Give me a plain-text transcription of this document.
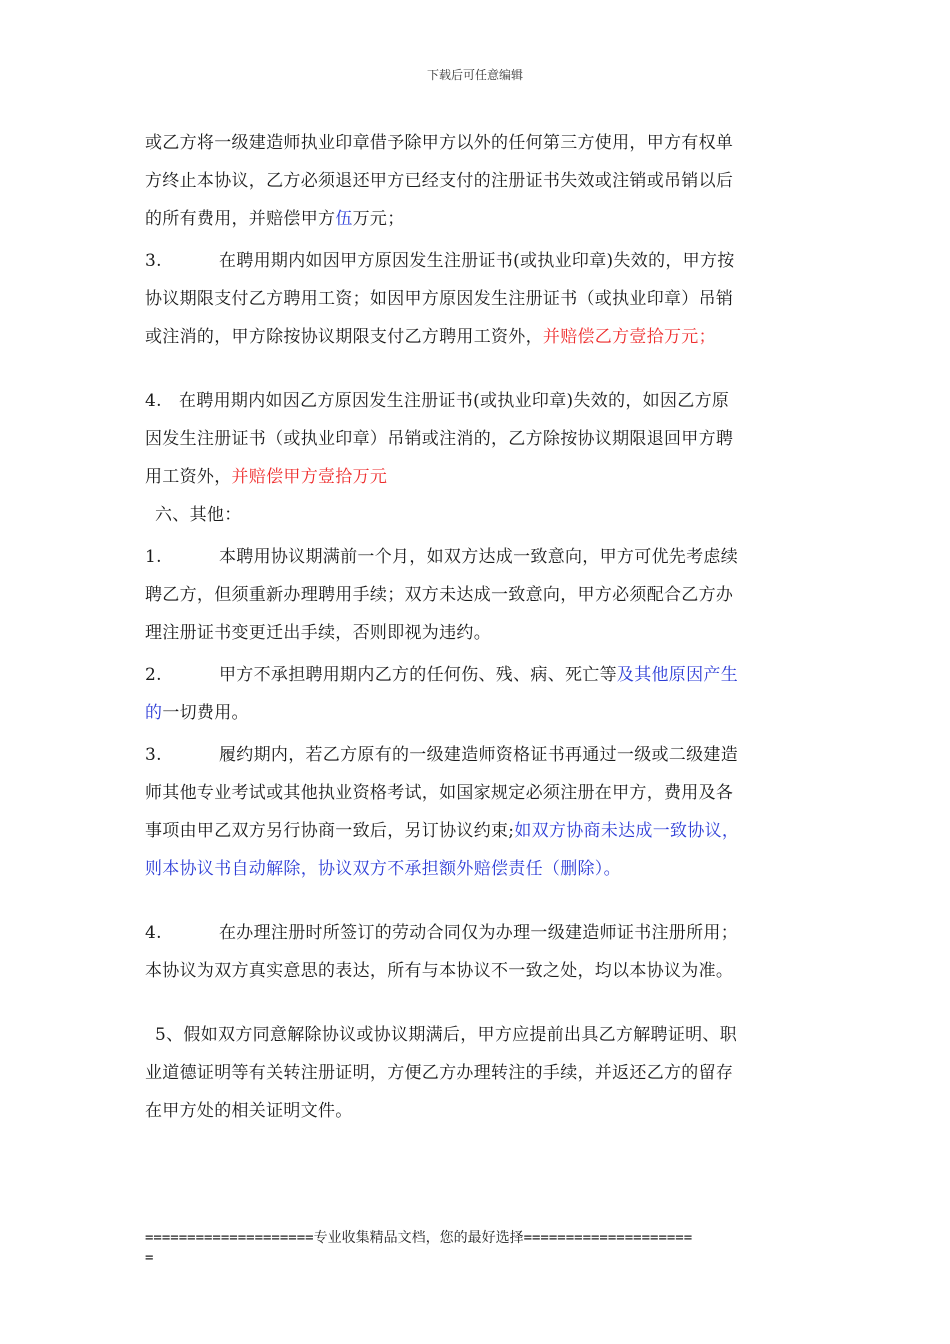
下载后可任意编辑

或乙方将一级建造师执业印章借予除甲方以外的任何第三方使用，甲方有权单

方终止本协议，乙方必须退还甲方已经支付的注册证书失效或注销或吊销以后

的所有费用，并赔偿甲方伍万元；

3.	在聘用期内如因甲方原因发生注册证书(或执业印章)失效的，甲方按

协议期限支付乙方聘用工资；如因甲方原因发生注册证书（或执业印章）吊销

或注消的，甲方除按协议期限支付乙方聘用工资外，并赔偿乙方壹拾万元；

4. 在聘用期内如因乙方原因发生注册证书(或执业印章)失效的，如因乙方原

因发生注册证书（或执业印章）吊销或注消的，乙方除按协议期限退回甲方聘

用工资外，并赔偿甲方壹拾万元

六、其他：

1.	本聘用协议期满前一个月，如双方达成一致意向，甲方可优先考虑续

聘乙方，但须重新办理聘用手续；双方未达成一致意向，甲方必须配合乙方办

理注册证书变更迁出手续，否则即视为违约。

2.	甲方不承担聘用期内乙方的任何伤、残、病、死亡等及其他原因产生

的一切费用。

3.	履约期内，若乙方原有的一级建造师资格证书再通过一级或二级建造

师其他专业考试或其他执业资格考试，如国家规定必须注册在甲方，费用及各

事项由甲乙双方另行协商一致后，另订协议约束;如双方协商未达成一致协议，

则本协议书自动解除，协议双方不承担额外赔偿责任（删除）。

4.	在办理注册时所签订的劳动合同仅为办理一级建造师证书注册所用；

本协议为双方真实意思的表达，所有与本协议不一致之处，均以本协议为准。

5、假如双方同意解除协议或协议期满后，甲方应提前出具乙方解聘证明、职

业道德证明等有关转注册证明，方便乙方办理转注的手续，并返还乙方的留存

在甲方处的相关证明文件。

====================专业收集精品文档，您的最好选择====================
=
